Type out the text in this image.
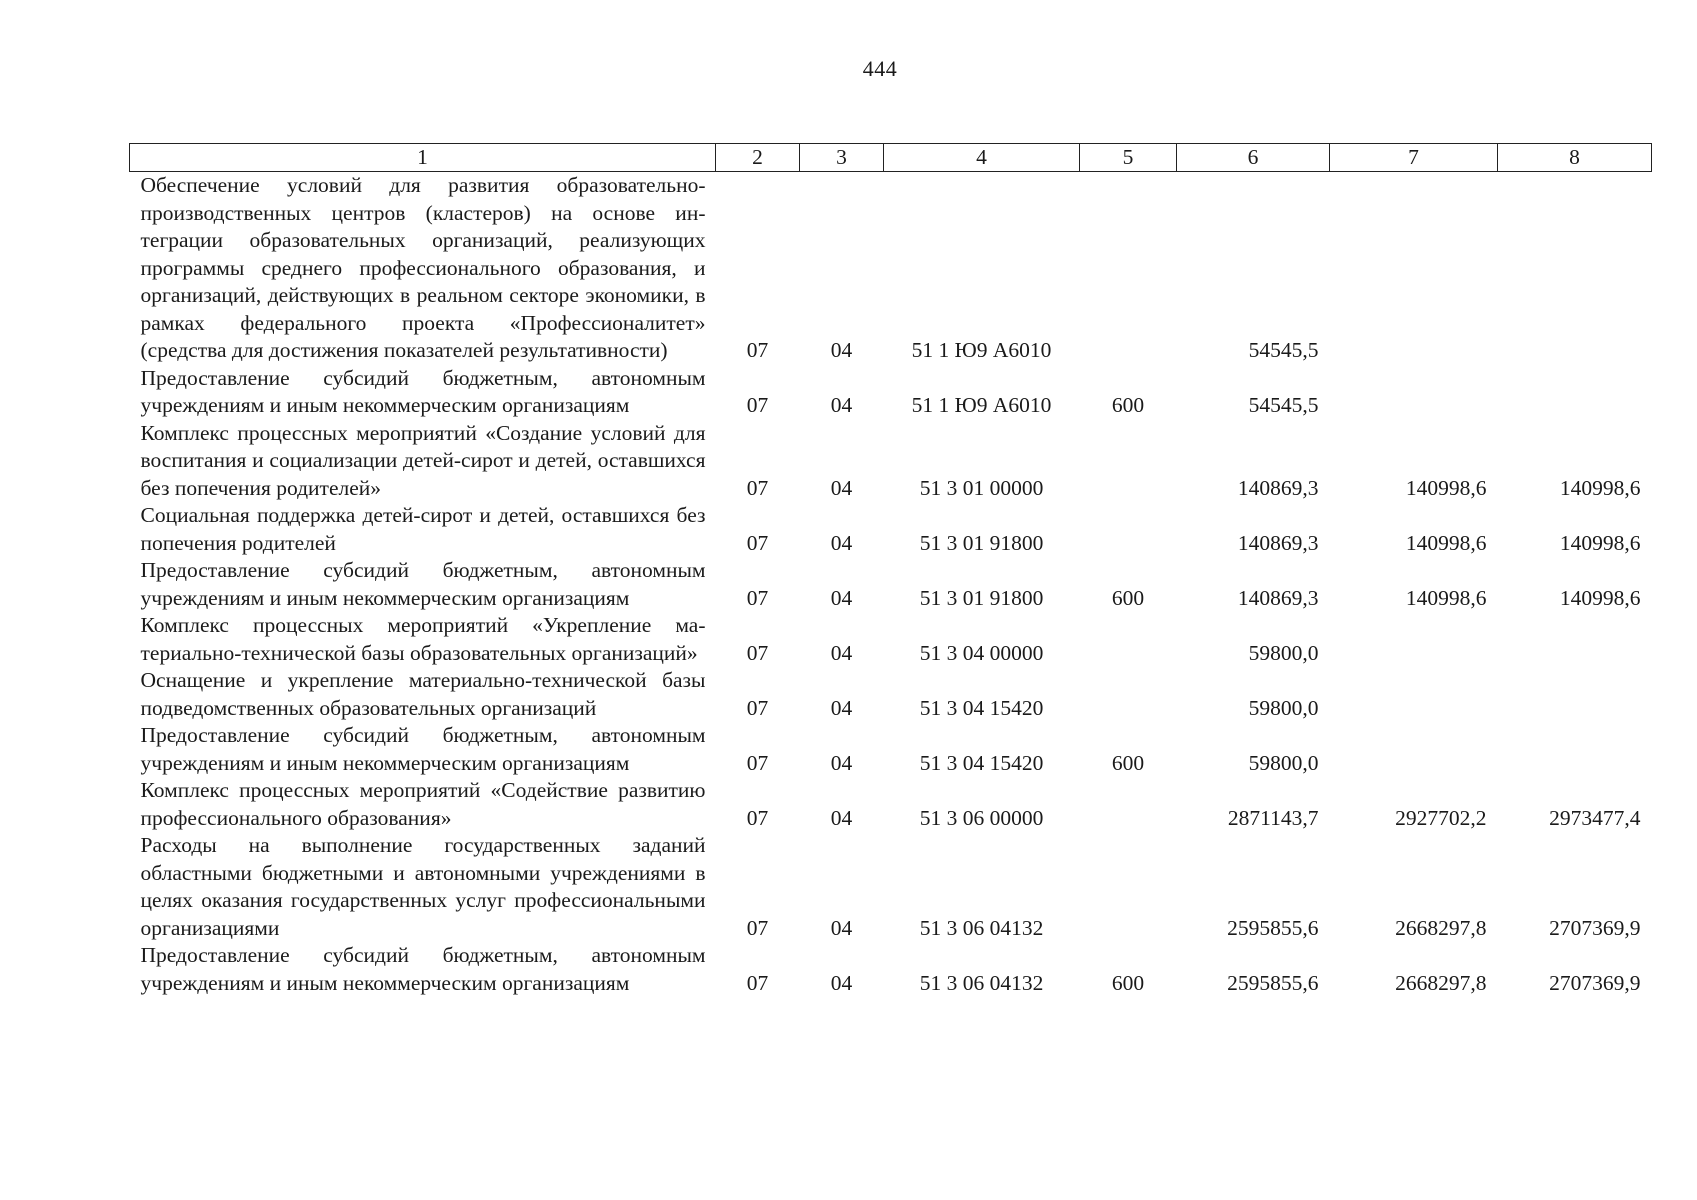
444
1	2	3	4	5	6	7	8
Обеспечение условий для развития образовательно-производственных центров (кластеров) на основе интеграции образовательных организаций, реализующих программы среднего профессионального образования, и организаций, действующих в реальном секторе экономики, в рамках федерального проекта «Профессионалитет» (средства для достижения показателей результативности)	07	04	51 1 Ю9 А6010		54545,5		
Предоставление субсидий бюджетным, автономным учреждениям и иным некоммерческим организациям	07	04	51 1 Ю9 А6010	600	54545,5		
Комплекс процессных мероприятий «Создание условий для воспитания и социализации детей-сирот и детей, оставшихся без попечения родителей»	07	04	51 3 01 00000		140869,3	140998,6	140998,6
Социальная поддержка детей-сирот и детей, оставшихся без попечения родителей	07	04	51 3 01 91800		140869,3	140998,6	140998,6
Предоставление субсидий бюджетным, автономным учреждениям и иным некоммерческим организациям	07	04	51 3 01 91800	600	140869,3	140998,6	140998,6
Комплекс процессных мероприятий «Укрепление материально-технической базы образовательных организаций»	07	04	51 3 04 00000		59800,0		
Оснащение и укрепление материально-технической базы подведомственных образовательных организаций	07	04	51 3 04 15420		59800,0		
Предоставление субсидий бюджетным, автономным учреждениям и иным некоммерческим организациям	07	04	51 3 04 15420	600	59800,0		
Комплекс процессных мероприятий «Содействие развитию профессионального образования»	07	04	51 3 06 00000		2871143,7	2927702,2	2973477,4
Расходы на выполнение государственных заданий областными бюджетными и автономными учреждениями в целях оказания государственных услуг профессиональными организациями	07	04	51 3 06 04132		2595855,6	2668297,8	2707369,9
Предоставление субсидий бюджетным, автономным учреждениям и иным некоммерческим организациям	07	04	51 3 06 04132	600	2595855,6	2668297,8	2707369,9
